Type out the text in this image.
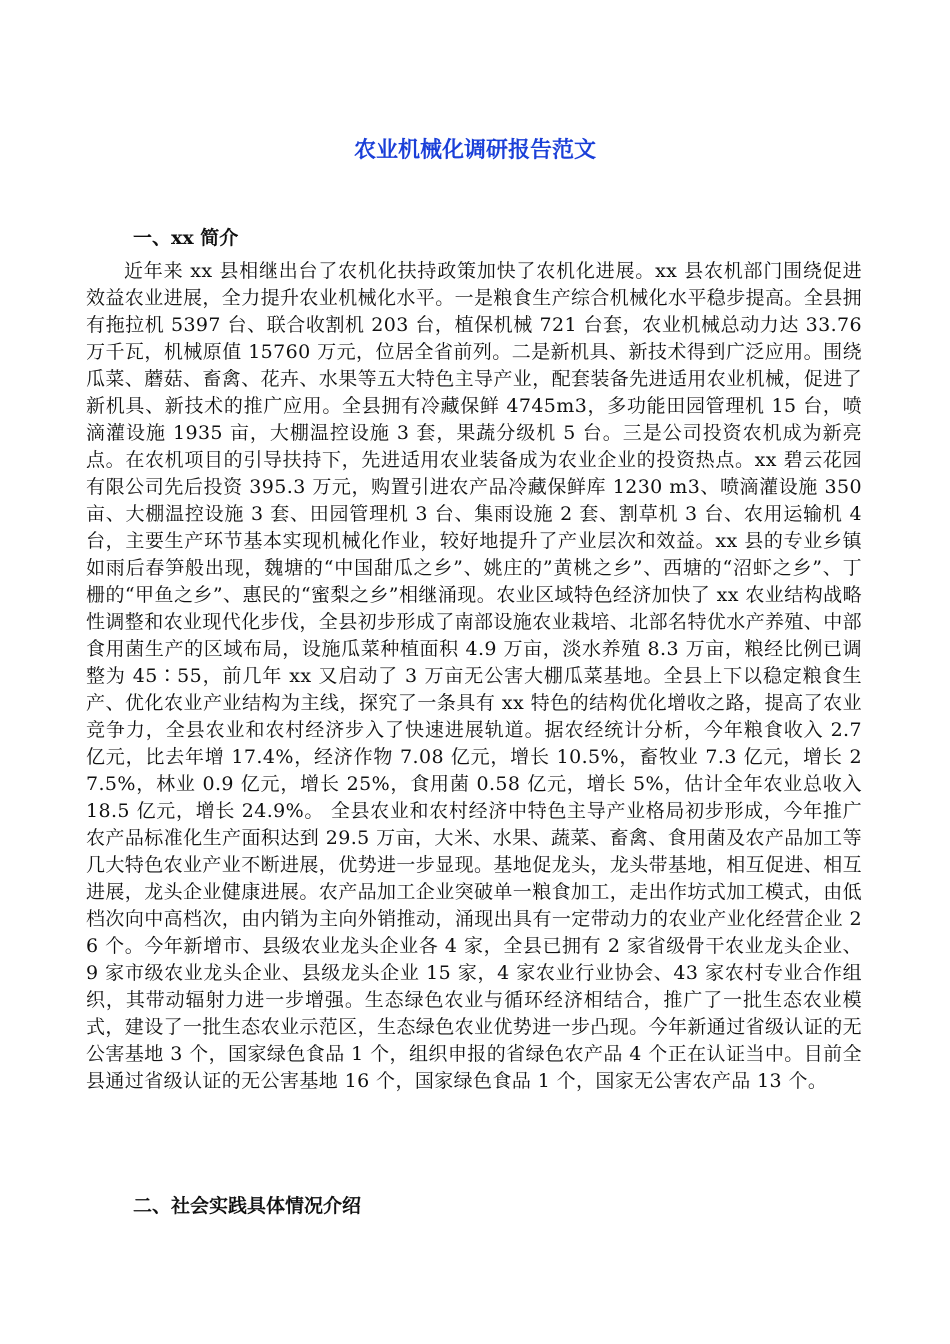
农业机械化调研报告范文
一、xx 简介

近年来 xx 县相继出台了农机化扶持政策加快了农机化进展。xx 县农机部门围绕促进效益农业进展，全力提升农业机械化水平。一是粮食生产综合机械化水平稳步提高。全县拥有拖拉机 5397 台、联合收割机 203 台，植保机械 721 台套，农业机械总动力达 33.76 万千瓦，机械原值 15760 万元，位居全省前列。二是新机具、新技术得到广泛应用。围绕瓜菜、蘑菇、畜禽、花卉、水果等五大特色主导产业，配套装备先进适用农业机械，促进了新机具、新技术的推广应用。全县拥有冷藏保鲜 4745m3，多功能田园管理机 15 台，喷滴灌设施 1935 亩，大棚温控设施 3 套，果蔬分级机 5 台。三是公司投资农机成为新亮点。在农机项目的引导扶持下，先进适用农业装备成为农业企业的投资热点。xx 碧云花园有限公司先后投资 395.3 万元，购置引进农产品冷藏保鲜库 1230 m3、喷滴灌设施 350 亩、大棚温控设施 3 套、田园管理机 3 台、集雨设施 2 套、割草机 3 台、农用运输机 4 台，主要生产环节基本实现机械化作业，较好地提升了产业层次和效益。xx 县的专业乡镇如雨后春笋般出现，魏塘的“中国甜瓜之乡”、姚庄的”黄桃之乡”、西塘的“沼虾之乡”、丁栅的“甲鱼之乡”、惠民的“蜜梨之乡”相继涌现。农业区域特色经济加快了 xx 农业结构战略性调整和农业现代化步伐，全县初步形成了南部设施农业栽培、北部名特优水产养殖、中部食用菌生产的区域布局，设施瓜菜种植面积 4.9 万亩，淡水养殖 8.3 万亩，粮经比例已调整为 45∶55，前几年 xx 又启动了 3 万亩无公害大棚瓜菜基地。全县上下以稳定粮食生产、优化农业产业结构为主线，探究了一条具有 xx 特色的结构优化增收之路，提高了农业竞争力，全县农业和农村经济步入了快速进展轨道。据农经统计分析，今年粮食收入 2.7 亿元，比去年增 17.4%，经济作物 7.08 亿元，增长 10.5%，畜牧业 7.3 亿元，增长 27.5%，林业 0.9 亿元，增长 25%，食用菌 0.58 亿元，增长 5%，估计全年农业总收入 18.5 亿元，增长 24.9%。 全县农业和农村经济中特色主导产业格局初步形成，今年推广农产品标准化生产面积达到 29.5 万亩，大米、水果、蔬菜、畜禽、食用菌及农产品加工等几大特色农业产业不断进展，优势进一步显现。基地促龙头，龙头带基地，相互促进、相互进展，龙头企业健康进展。农产品加工企业突破单一粮食加工，走出作坊式加工模式，由低档次向中高档次，由内销为主向外销推动，涌现出具有一定带动力的农业产业化经营企业 26 个。今年新增市、县级农业龙头企业各 4 家，全县已拥有 2 家省级骨干农业龙头企业、9 家市级农业龙头企业、县级龙头企业 15 家，4 家农业行业协会、43 家农村专业合作组织，其带动辐射力进一步增强。生态绿色农业与循环经济相结合，推广了一批生态农业模式，建设了一批生态农业示范区，生态绿色农业优势进一步凸现。今年新通过省级认证的无公害基地 3 个，国家绿色食品 1 个，组织申报的省绿色农产品 4 个正在认证当中。目前全县通过省级认证的无公害基地 16 个，国家绿色食品 1 个，国家无公害农产品 13 个。

二、社会实践具体情况介绍
